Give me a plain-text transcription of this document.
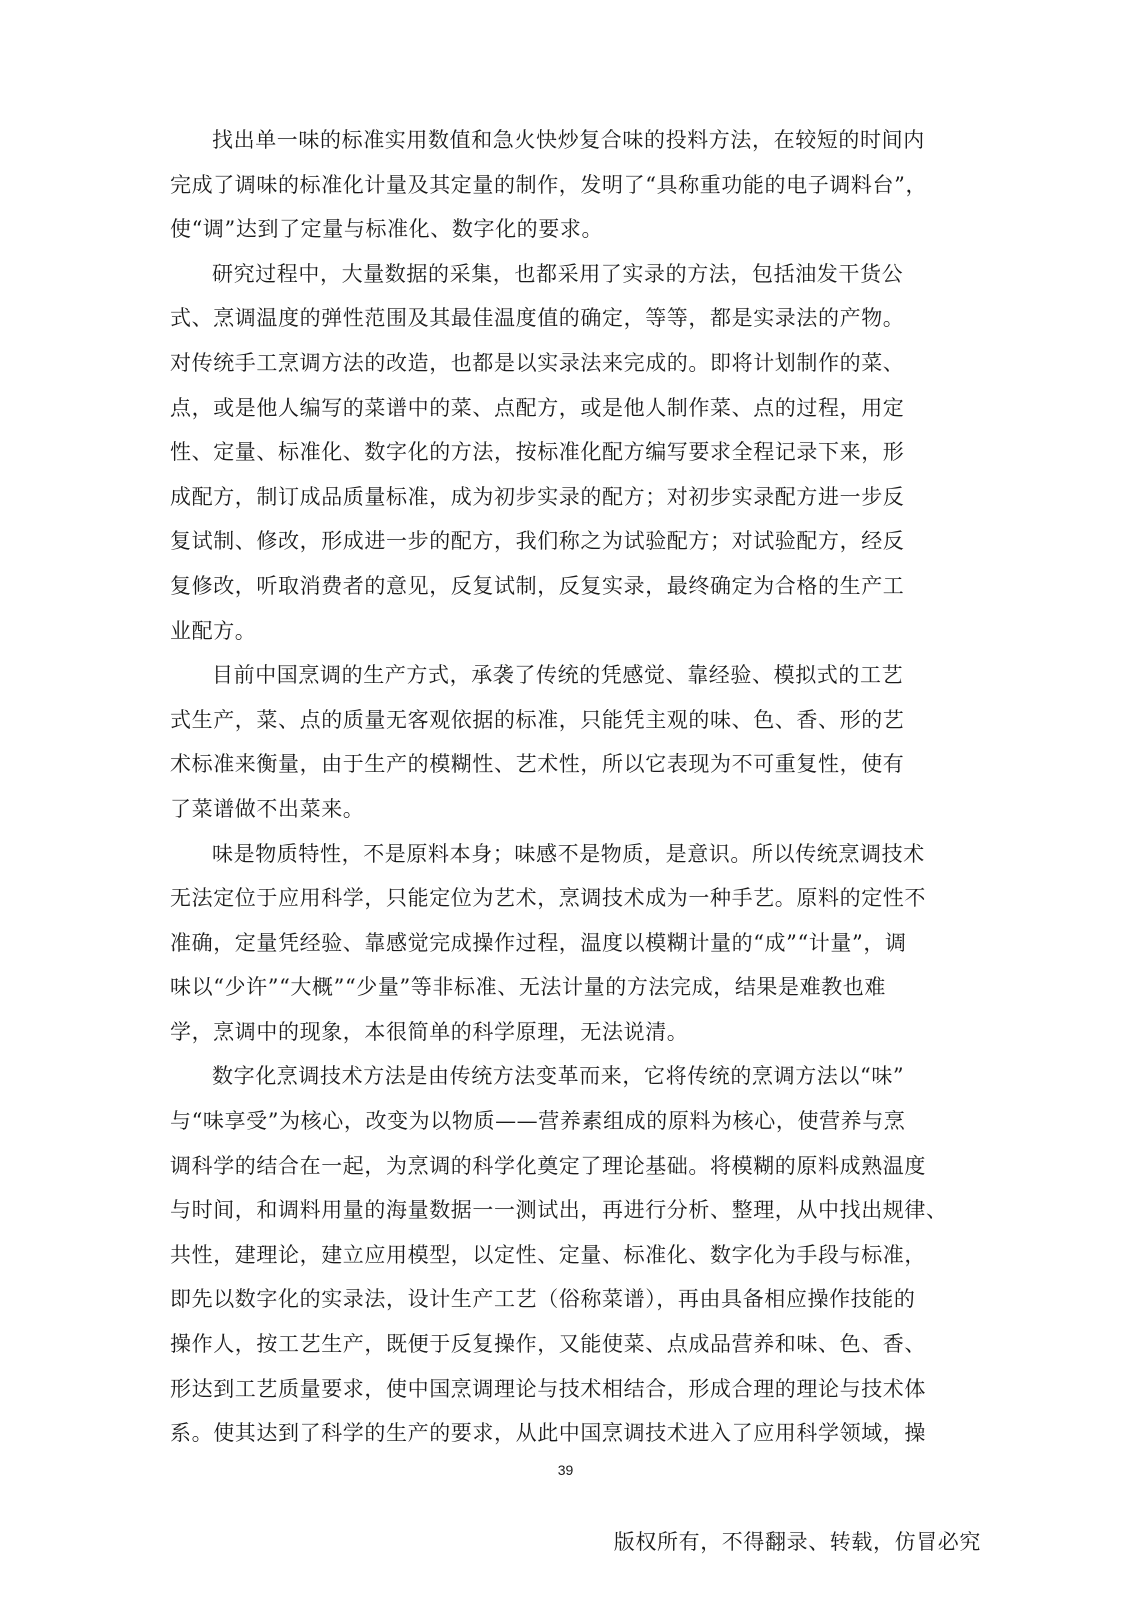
找出单一味的标准实用数值和急火快炒复合味的投料方法，在较短的时间内
完成了调味的标准化计量及其定量的制作，发明了“具称重功能的电子调料台”，
使“调”达到了定量与标准化、数字化的要求。
研究过程中，大量数据的采集，也都采用了实录的方法，包括油发干货公
式、烹调温度的弹性范围及其最佳温度值的确定，等等，都是实录法的产物。
对传统手工烹调方法的改造，也都是以实录法来完成的。即将计划制作的菜、
点，或是他人编写的菜谱中的菜、点配方，或是他人制作菜、点的过程，用定
性、定量、标准化、数字化的方法，按标准化配方编写要求全程记录下来，形
成配方，制订成品质量标准，成为初步实录的配方；对初步实录配方进一步反
复试制、修改，形成进一步的配方，我们称之为试验配方；对试验配方，经反
复修改，听取消费者的意见，反复试制，反复实录，最终确定为合格的生产工
业配方。
目前中国烹调的生产方式，承袭了传统的凭感觉、靠经验、模拟式的工艺
式生产，菜、点的质量无客观依据的标准，只能凭主观的味、色、香、形的艺
术标准来衡量，由于生产的模糊性、艺术性，所以它表现为不可重复性，使有
了菜谱做不出菜来。
味是物质特性，不是原料本身；味感不是物质，是意识。所以传统烹调技术
无法定位于应用科学，只能定位为艺术，烹调技术成为一种手艺。原料的定性不
准确，定量凭经验、靠感觉完成操作过程，温度以模糊计量的“成”“计量”，调
味以“少许”“大概”“少量”等非标准、无法计量的方法完成，结果是难教也难
学，烹调中的现象，本很简单的科学原理，无法说清。
数字化烹调技术方法是由传统方法变革而来，它将传统的烹调方法以“味”
与“味享受”为核心，改变为以物质——营养素组成的原料为核心，使营养与烹
调科学的结合在一起，为烹调的科学化奠定了理论基础。将模糊的原料成熟温度
与时间，和调料用量的海量数据一一测试出，再进行分析、整理，从中找出规律、
共性，建理论，建立应用模型，以定性、定量、标准化、数字化为手段与标准，
即先以数字化的实录法，设计生产工艺（俗称菜谱），再由具备相应操作技能的
操作人，按工艺生产，既便于反复操作，又能使菜、点成品营养和味、色、香、
形达到工艺质量要求，使中国烹调理论与技术相结合，形成合理的理论与技术体
系。使其达到了科学的生产的要求，从此中国烹调技术进入了应用科学领域，操
39
版权所有，不得翻录、转载，仿冒必究
